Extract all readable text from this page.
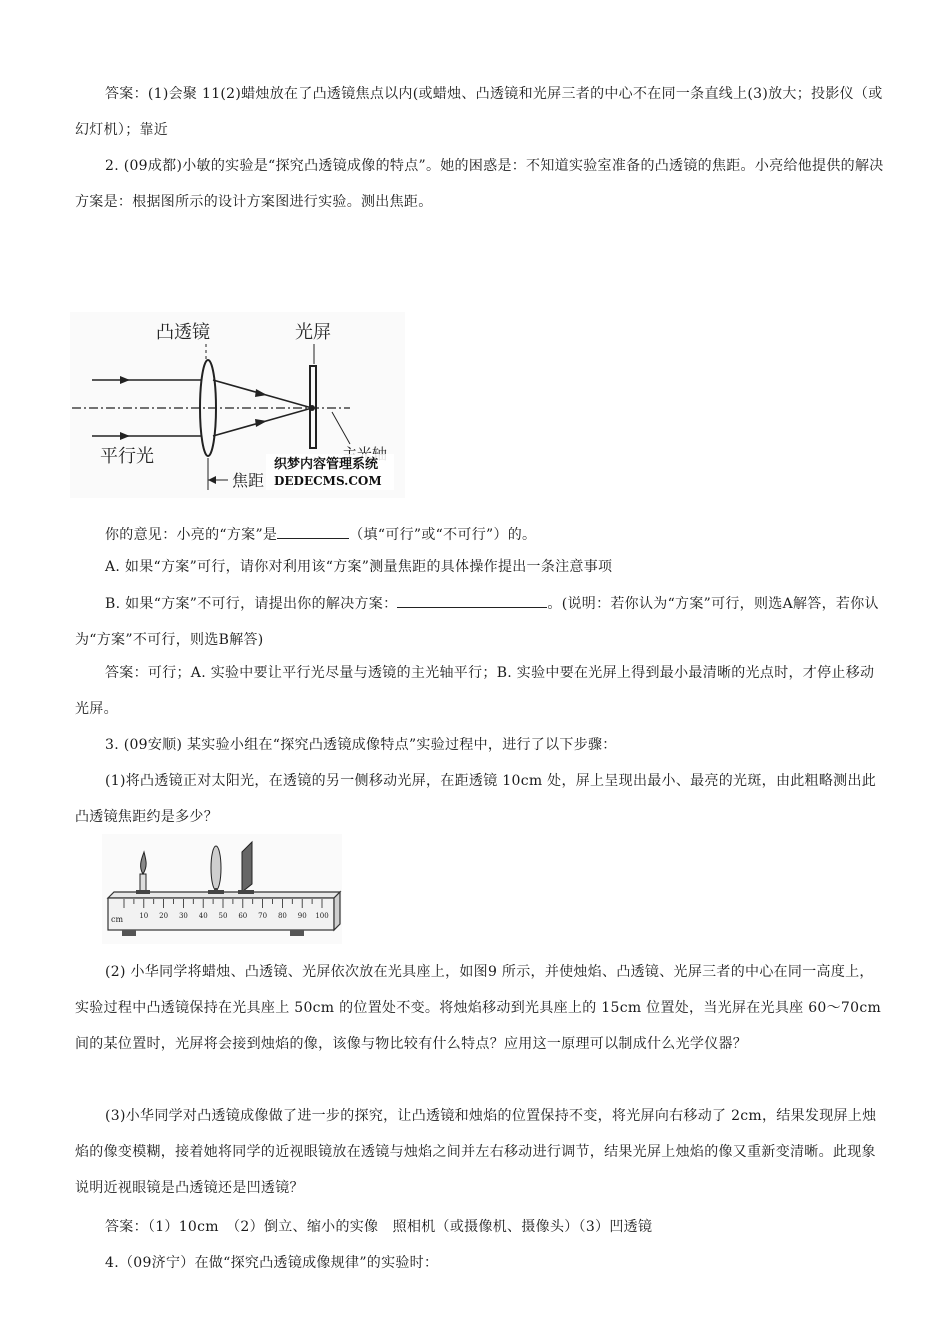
答案：(1)会聚 11(2)蜡烛放在了凸透镜焦点以内(或蜡烛、凸透镜和光屏三者的中心不在同一条直线上(3)放大；投影仪（或幻灯机）；靠近

2. (09成都)小敏的实验是“探究凸透镜成像的特点”。她的困惑是：不知道实验室准备的凸透镜的焦距。小亮给他提供的解决方案是：根据图所示的设计方案图进行实验。测出焦距。

凸透镜	光屏
平行光
焦距
织梦内容管理系统
DEDECMS.COM

你的意见：小亮的“方案”是	（填“可行”或“不可行”）的。

A. 如果“方案”可行，请你对利用该“方案”测量焦距的具体操作提出一条注意事项

B. 如果“方案”不可行，请提出你的解决方案：	。(说明：若你认为“方案”可行，则选A解答，若你认为“方案”不可行，则选B解答)

答案：可行；A. 实验中要让平行光尽量与透镜的主光轴平行；B. 实验中要在光屏上得到最小最清晰的光点时，才停止移动光屏。

3. (09安顺) 某实验小组在“探究凸透镜成像特点”实验过程中，进行了以下步骤：

(1)将凸透镜正对太阳光，在透镜的另一侧移动光屏，在距透镜 10cm 处，屏上呈现出最小、最亮的光斑，由此粗略测出此凸透镜焦距约是多少？

10 20 30 40 50 60 70 80 90 100
cm

(2) 小华同学将蜡烛、凸透镜、光屏依次放在光具座上，如图9 所示，并使烛焰、凸透镜、光屏三者的中心在同一高度上，实验过程中凸透镜保持在光具座上 50cm 的位置处不变。将烛焰移动到光具座上的 15cm 位置处，当光屏在光具座 60～70cm 间的某位置时，光屏将会接到烛焰的像，该像与物比较有什么特点？应用这一原理可以制成什么光学仪器？

(3)小华同学对凸透镜成像做了进一步的探究，让凸透镜和烛焰的位置保持不变，将光屏向右移动了 2cm，结果发现屏上烛焰的像变模糊，接着她将同学的近视眼镜放在透镜与烛焰之间并左右移动进行调节，结果光屏上烛焰的像又重新变清晰。此现象说明近视眼镜是凸透镜还是凹透镜？

答案：（1）10cm　（2）倒立、缩小的实像　照相机（或摄像机、摄像头）（3）凹透镜

4.（09济宁）在做“探究凸透镜成像规律”的实验时：
